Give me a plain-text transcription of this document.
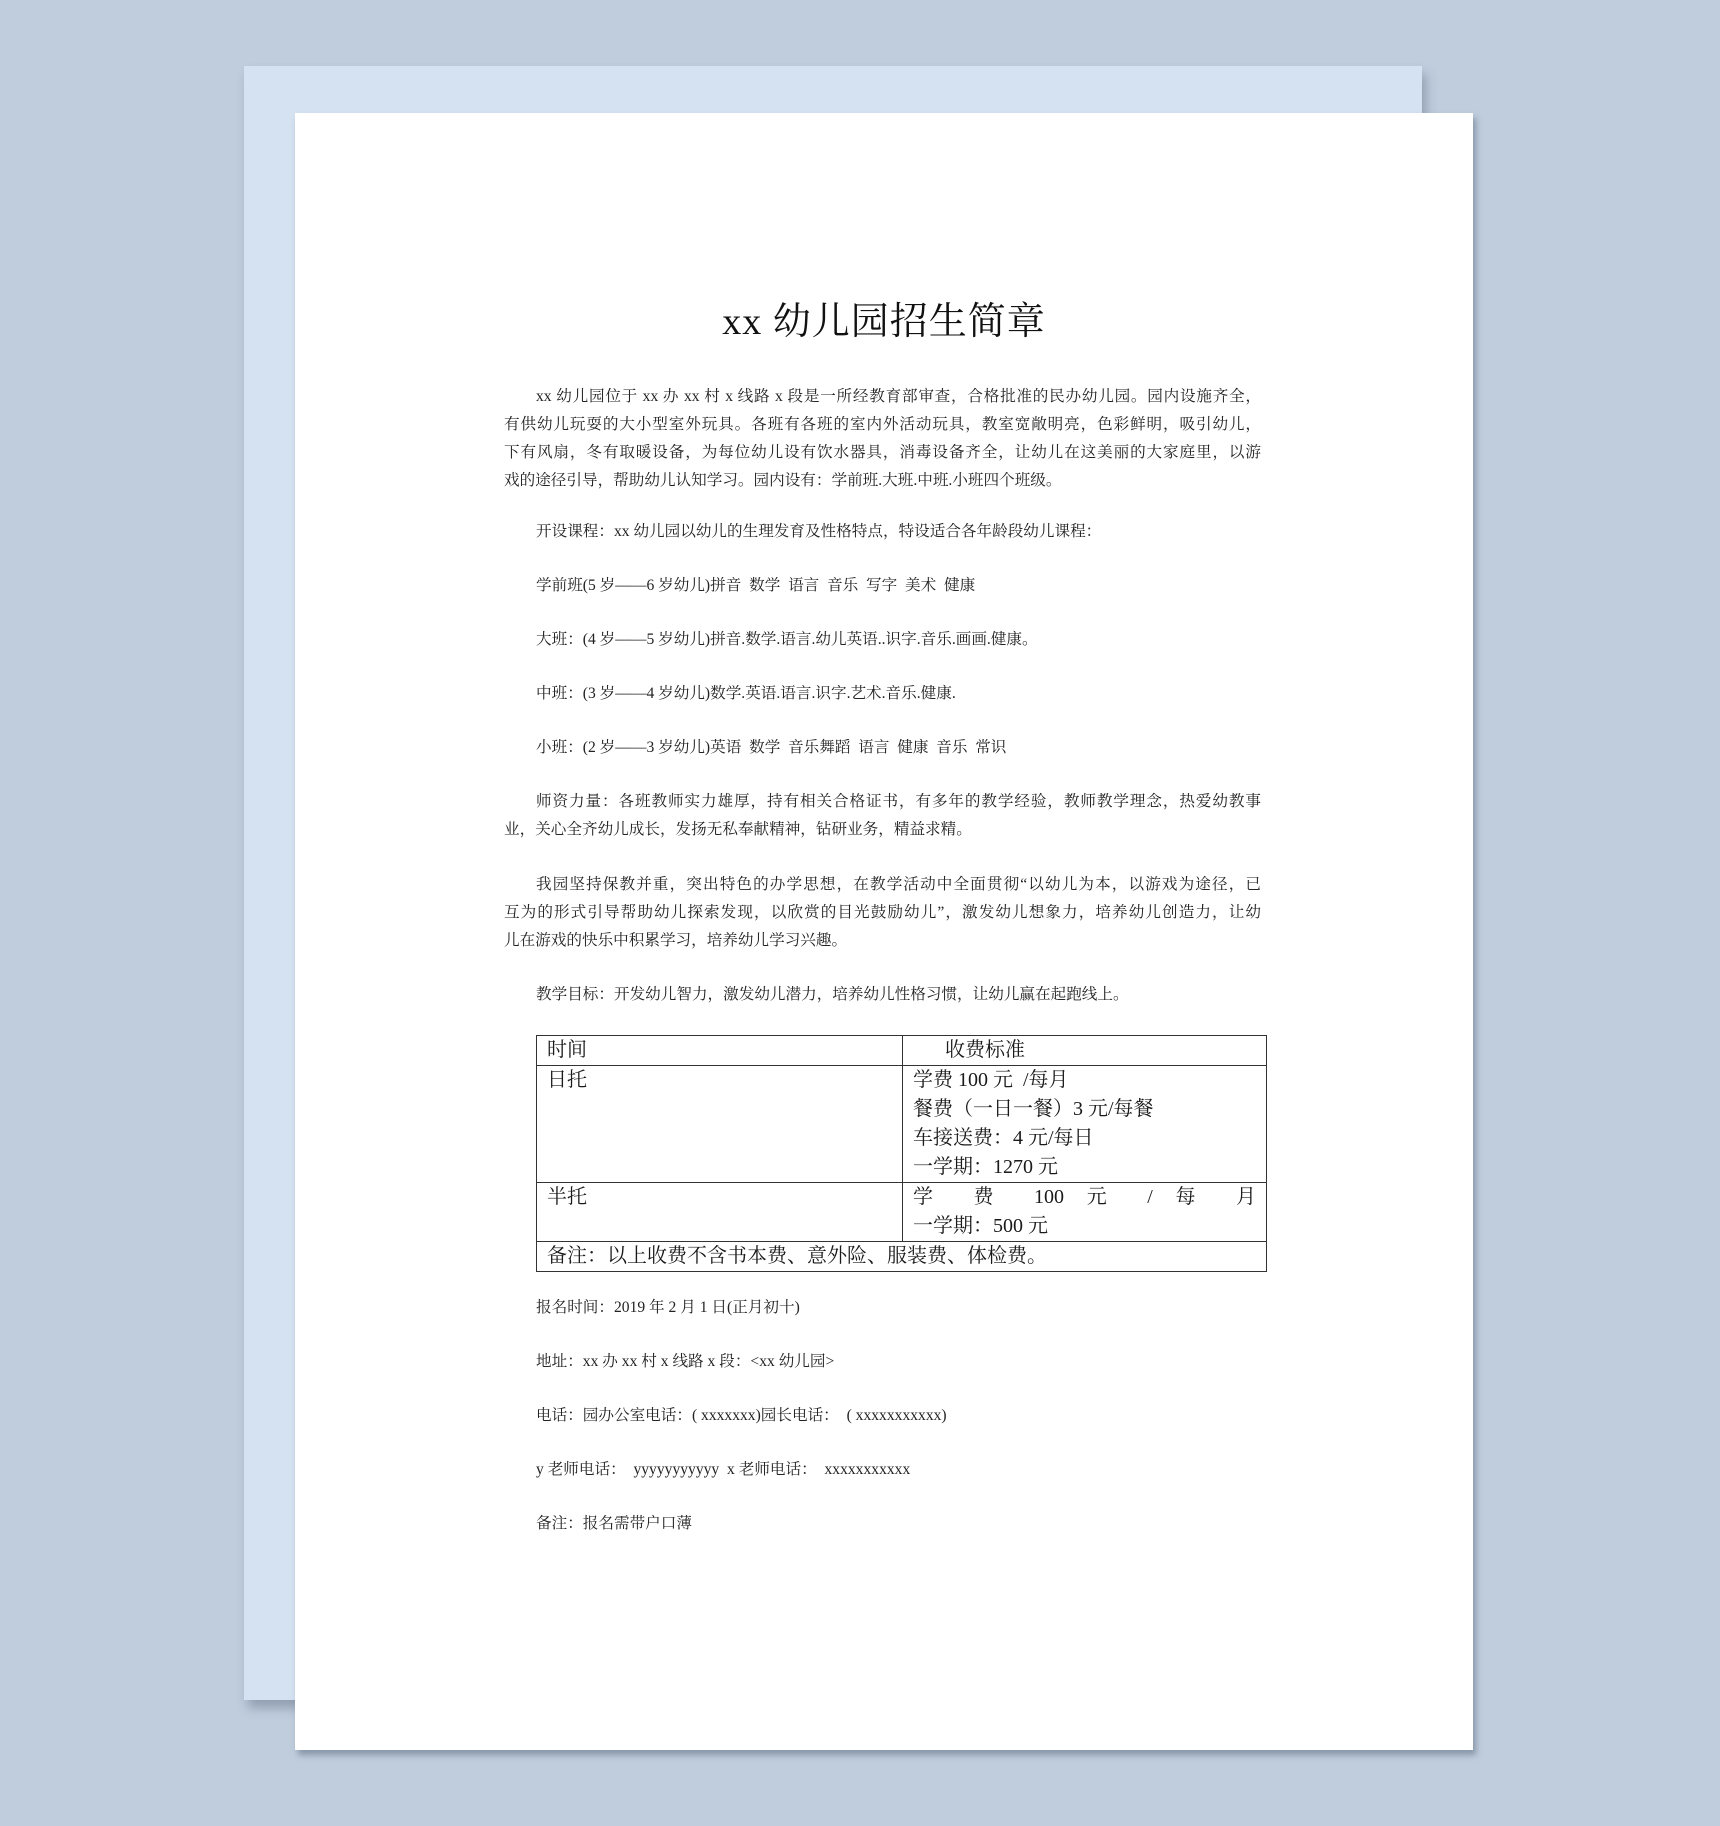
xx 幼儿园招生简章
xx 幼儿园位于 xx 办 xx 村 x 线路 x 段是一所经教育部审查，合格批准的民办幼儿园。园内设施齐全，
有供幼儿玩耍的大小型室外玩具。各班有各班的室内外活动玩具，教室宽敞明亮，色彩鲜明，吸引幼儿，
下有风扇，冬有取暖设备，为每位幼儿设有饮水器具，消毒设备齐全，让幼儿在这美丽的大家庭里，以游
戏的途径引导，帮助幼儿认知学习。园内设有：学前班.大班.中班.小班四个班级。
开设课程：xx 幼儿园以幼儿的生理发育及性格特点，特设适合各年龄段幼儿课程：
学前班(5 岁——6 岁幼儿)拼音  数学  语言  音乐  写字  美术  健康
大班：(4 岁——5 岁幼儿)拼音.数学.语言.幼儿英语..识字.音乐.画画.健康。
中班：(3 岁——4 岁幼儿)数学.英语.语言.识字.艺术.音乐.健康.
小班：(2 岁——3 岁幼儿)英语  数学  音乐舞蹈  语言  健康  音乐  常识
师资力量：各班教师实力雄厚，持有相关合格证书，有多年的教学经验，教师教学理念，热爱幼教事
业，关心全齐幼儿成长，发扬无私奉献精神，钻研业务，精益求精。
我园坚持保教并重，突出特色的办学思想，在教学活动中全面贯彻“以幼儿为本，以游戏为途径，已
互为的形式引导帮助幼儿探索发现，以欣赏的目光鼓励幼儿”，激发幼儿想象力，培养幼儿创造力，让幼
儿在游戏的快乐中积累学习，培养幼儿学习兴趣。
教学目标：开发幼儿智力，激发幼儿潜力，培养幼儿性格习惯，让幼儿赢在起跑线上。
时间	收费标准
日托	学费 100 元  /每月
餐费（一日一餐）3 元/每餐
车接送费：4 元/每日
一学期：1270 元

半托	学 费 100 元 / 每 月
一学期：500 元

备注：以上收费不含书本费、意外险、服装费、体检费。	
报名时间：2019 年 2 月 1 日(正月初十)
地址：xx 办 xx 村 x 线路 x 段：<xx 幼儿园>
电话：园办公室电话：( xxxxxxx)园长电话：  ( xxxxxxxxxxx)
y 老师电话：  yyyyyyyyyyy  x 老师电话：  xxxxxxxxxxx
备注：报名需带户口薄
